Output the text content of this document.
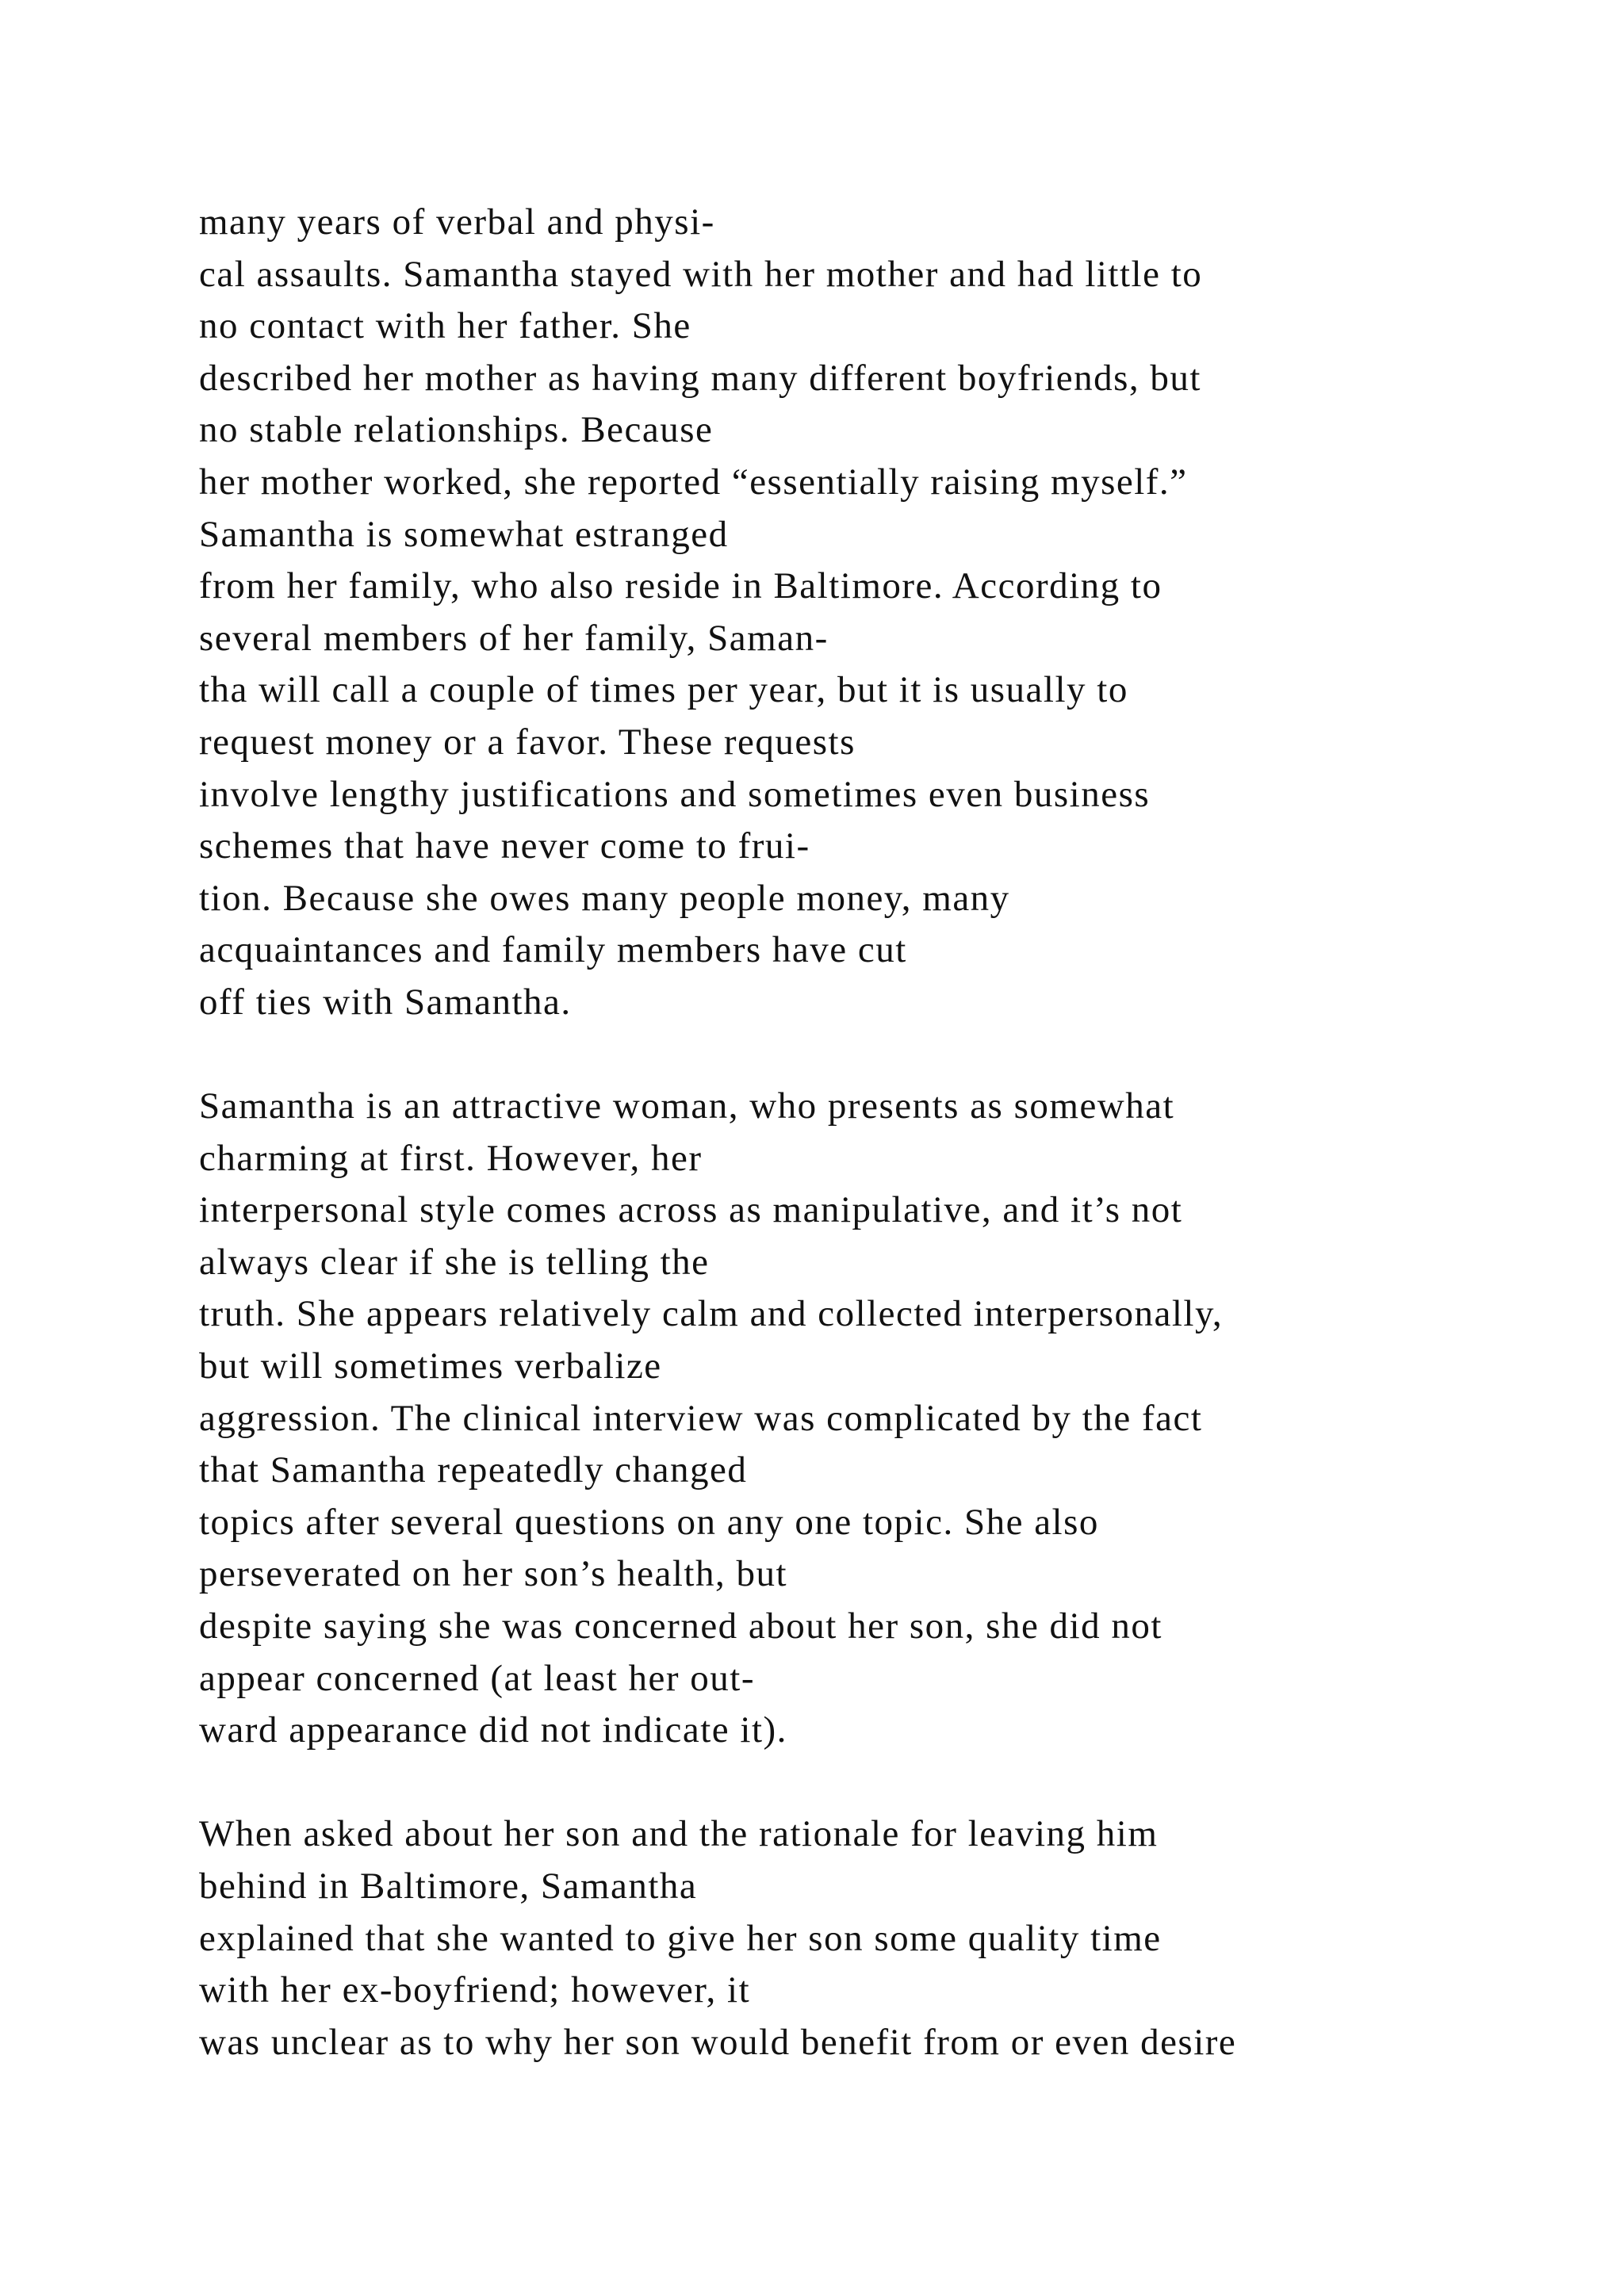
many years of verbal and physi-
cal assaults. Samantha stayed with her mother and had little to
no contact with her father. She
described her mother as having many different boyfriends, but
no stable relationships. Because
her mother worked, she reported “essentially raising myself.”
Samantha is somewhat estranged
from her family, who also reside in Baltimore. According to
several members of her family, Saman-
tha will call a couple of times per year, but it is usually to
request money or a favor. These requests
involve lengthy justifications and sometimes even business
schemes that have never come to frui-
tion. Because she owes many people money, many
acquaintances and family members have cut
off ties with Samantha.
Samantha is an attractive woman, who presents as somewhat
charming at first. However, her
interpersonal style comes across as manipulative, and it’s not
always clear if she is telling the
truth. She appears relatively calm and collected interpersonally,
but will sometimes verbalize
aggression. The clinical interview was complicated by the fact
that Samantha repeatedly changed
topics after several questions on any one topic. She also
perseverated on her son’s health, but
despite saying she was concerned about her son, she did not
appear concerned (at least her out-
ward appearance did not indicate it).
When asked about her son and the rationale for leaving him
behind in Baltimore, Samantha
explained that she wanted to give her son some quality time
with her ex-boyfriend; however, it
was unclear as to why her son would benefit from or even desire
